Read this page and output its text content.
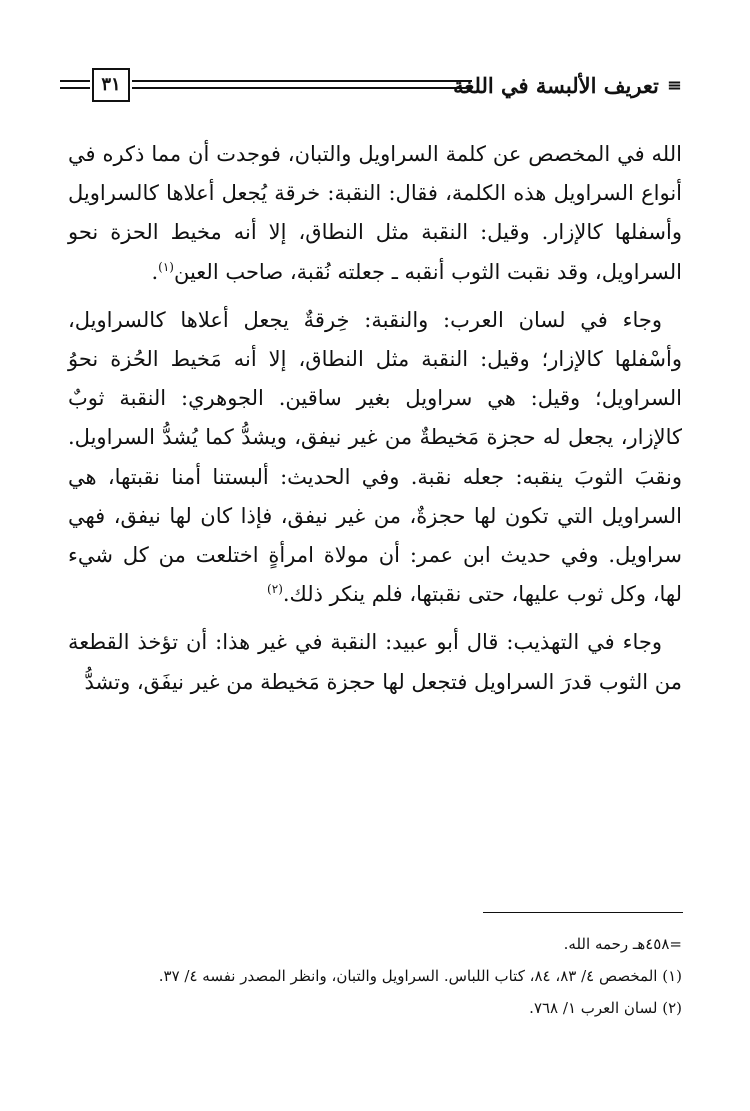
٣١	≡
تعريف الألبسة في اللغة

الله في المخصص عن كلمة السراويل والتبان، فوجدت أن مما ذكره في أنواع السراويل هذه الكلمة، فقال: النقبة: خرقة يُجعل أعلاها كالسراويل وأسفلها كالإزار. وقيل: النقبة مثل النطاق، إلا أنه مخيط الحزة نحو السراويل، وقد نقبت الثوب أنقبه ـ جعلته نُقبة، صاحب العين$^{(١)}$.

وجاء في لسان العرب: والنقبة: خِرقةٌ يجعل أعلاها كالسراويل، وأسْفلها كالإزار؛ وقيل: النقبة مثل النطاق، إلا أنه مَخيط الحُزة نحوُ السراويل؛ وقيل: هي سراويل بغير ساقين. الجوهري: النقبة ثوبٌ كالإزار، يجعل له حجزة مَخيطةٌ من غير نيفق، ويشدُّ كما يُشدُّ السراويل. ونقبَ الثوبَ ينقبه: جعله نقبة. وفي الحديث: ألبستنا أمنا نقبتها، هي السراويل التي تكون لها حجزةٌ، من غير نيفق، فإذا كان لها نيفق، فهي سراويل. وفي حديث ابن عمر: أن مولاة امرأةٍ اختلعت من كل شيء لها، وكل ثوب عليها، حتى نقبتها، فلم ينكر ذلك.$^{(٢)}$

وجاء في التهذيب: قال أبو عبيد: النقبة في غير هذا: أن تؤخذ القطعة من الثوب قدرَ السراويل فتجعل لها حجزة مَخيطة من غير نيفَق، وتشدُّ

=٤٥٨هـ رحمه الله.
(١) المخصص ٤/ ٨٣، ٨٤، كتاب اللباس. السراويل والتبان، وانظر المصدر نفسه ٤/ ٣٧.
(٢) لسان العرب ١/ ٧٦٨.
